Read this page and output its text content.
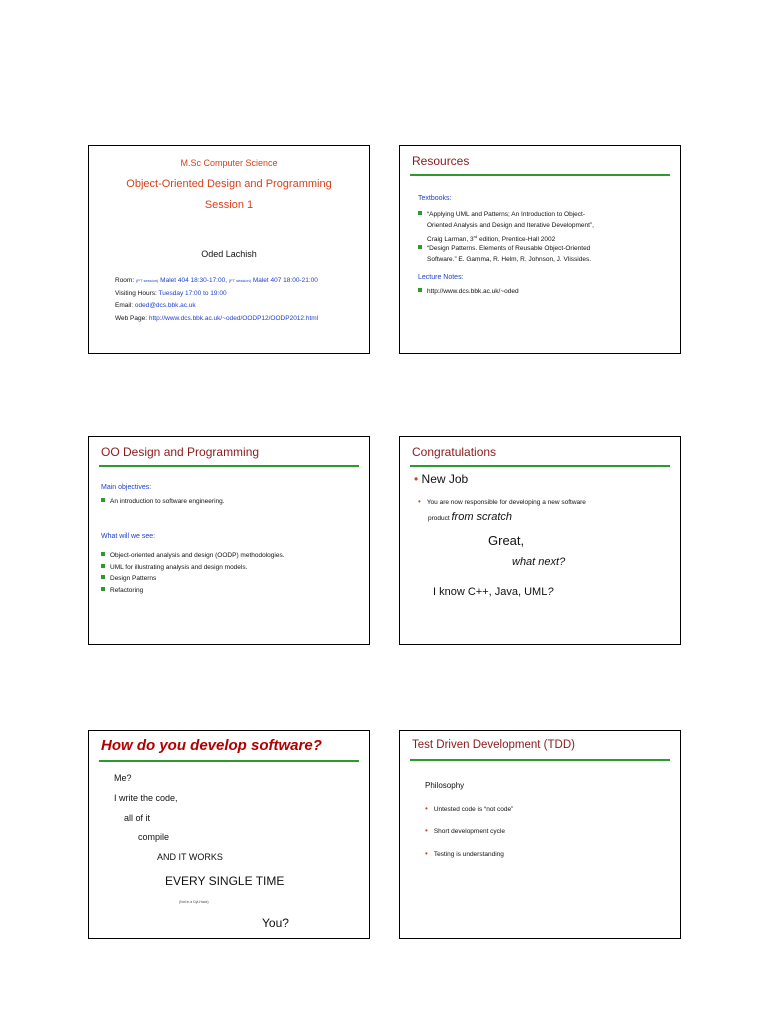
M.Sc Computer Science
Object-Oriented Design and Programming
Session 1
Oded Lachish
Room: (PT session) Malet 404 18:30-17:00, (FT session) Malet 407 18:00-21:00
Visiting Hours: Tuesday 17:00 to 19:00
Email: oded@dcs.bbk.ac.uk
Web Page: http://www.dcs.bbk.ac.uk/~oded/OODP12/OODP2012.html
Resources
Textbooks:
“Applying UML and Patterns; An Introduction to Object-
Oriented Analysis and Design and Iterative Development”,
Craig Larman, 3rd edition, Prentice-Hall 2002
“Design Patterns. Elements of Reusable Object-Oriented
Software.” E. Gamma, R. Helm, R. Johnson, J. Vlissides.
Lecture Notes:
http://www.dcs.bbk.ac.uk/~oded
OO Design and Programming
Main objectives:
An introduction to software engineering.
What will we see:
Object-oriented analysis and design (OODP) methodologies.
UML for illustrating analysis and design models.
Design Patterns
Refactoring
Congratulations
• New Job
• You are now responsible for developing a new software
product from scratch
Great,
what next?
I know C++, Java, UML?
How do you develop software?
Me?
I write the code,
all of it
compile
AND IT WORKS
EVERY SINGLE TIME
(Not in a Dyl-Hack)
You?
Test Driven Development (TDD)
Philosophy
• Untested code is “not code”
• Short development cycle
• Testing is understanding
